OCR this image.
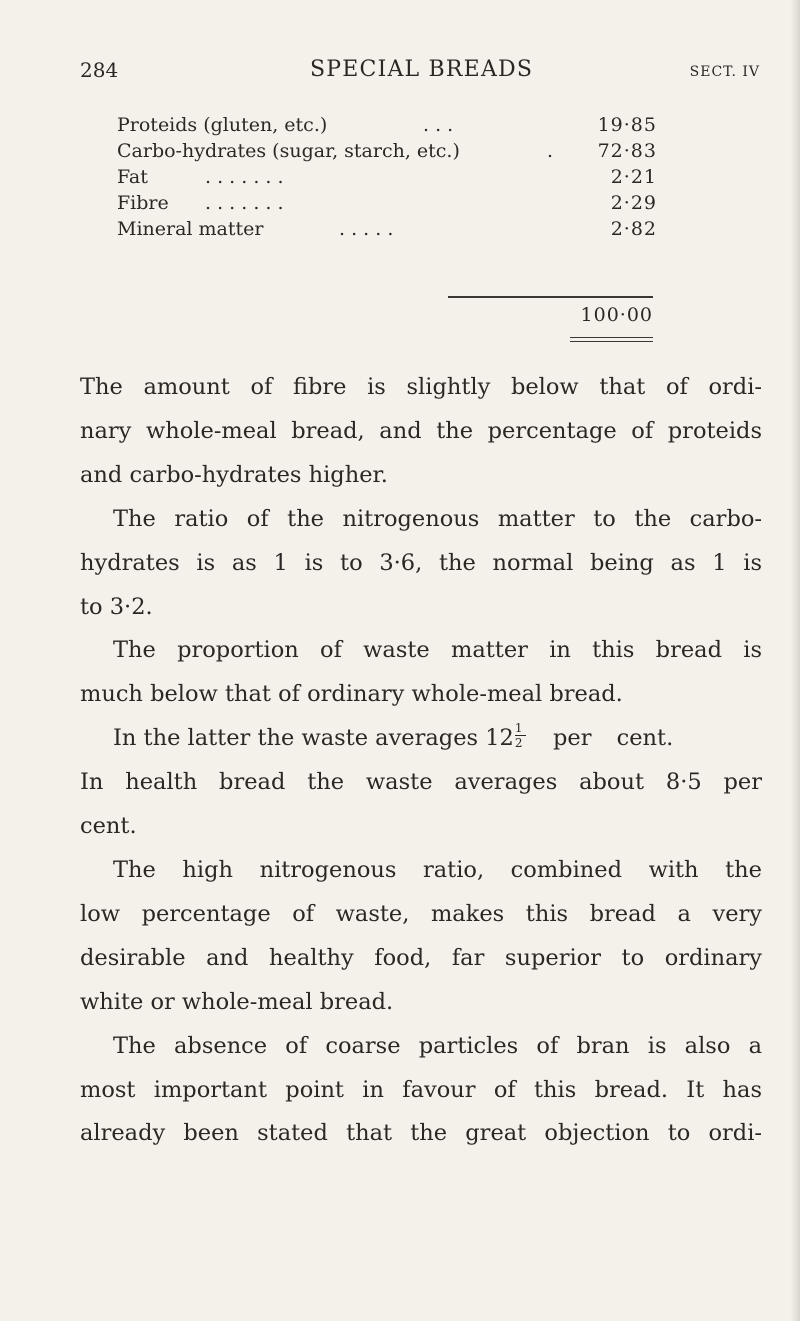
284	SPECIAL BREADS	SECT. IV
Proteids (gluten, etc.)	. . .	19·85
Carbo-hydrates (sugar, starch, etc.)	. 72·83
Fat	. . . . . . .	2·21
Fibre . . . . . . .	2·29
Mineral matter	. . . . .	2·82
100·00
The amount of fibre is slightly below that of ordi-
nary whole-meal bread, and the percentage of proteids
and carbo-hydrates higher.
The ratio of the nitrogenous matter to the carbo-
hydrates is as 1 is to 3·6, the normal being as 1 is
to 3·2.
The proportion of waste matter in this bread is
much below that of ordinary whole-meal bread.
In the latter the waste averages $12 \frac{1}{2}$ per cent.
In health bread the waste averages about 8·5 per
cent.
The high nitrogenous ratio, combined with the
low percentage of waste, makes this bread a very
desirable and healthy food, far superior to ordinary
white or whole-meal bread.
The absence of coarse particles of bran is also a
most important point in favour of this bread. It has
already been stated that the great objection to ordi-
